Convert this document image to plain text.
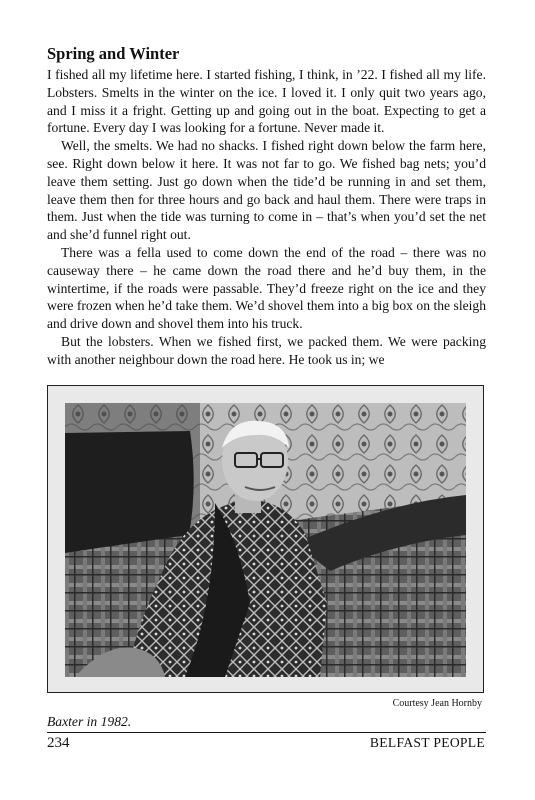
Spring and Winter

I fished all my lifetime here. I started fishing, I think, in ’22. I fished all my life. Lobsters. Smelts in the winter on the ice. I loved it. I only quit two years ago, and I miss it a fright. Getting up and going out in the boat. Expecting to get a fortune. Every day I was looking for a fortune. Never made it.

Well, the smelts. We had no shacks. I fished right down below the farm here, see. Right down below it here. It was not far to go. We fished bag nets; you’d leave them setting. Just go down when the tide’d be running in and set them, leave them then for three hours and go back and haul them. There were traps in them. Just when the tide was turning to come in – that’s when you’d set the net and she’d funnel right out.

There was a fella used to come down the end of the road – there was no causeway there – he came down the road there and he’d buy them, in the wintertime, if the roads were passable. They’d freeze right on the ice and they were frozen when he’d take them. We’d shovel them into a big box on the sleigh and drive down and shovel them into his truck.

But the lobsters. When we fished first, we packed them. We were packing with another neighbour down the road here. He took us in; we

Courtesy Jean Hornby
Baxter in 1982.
234	BELFAST PEOPLE
